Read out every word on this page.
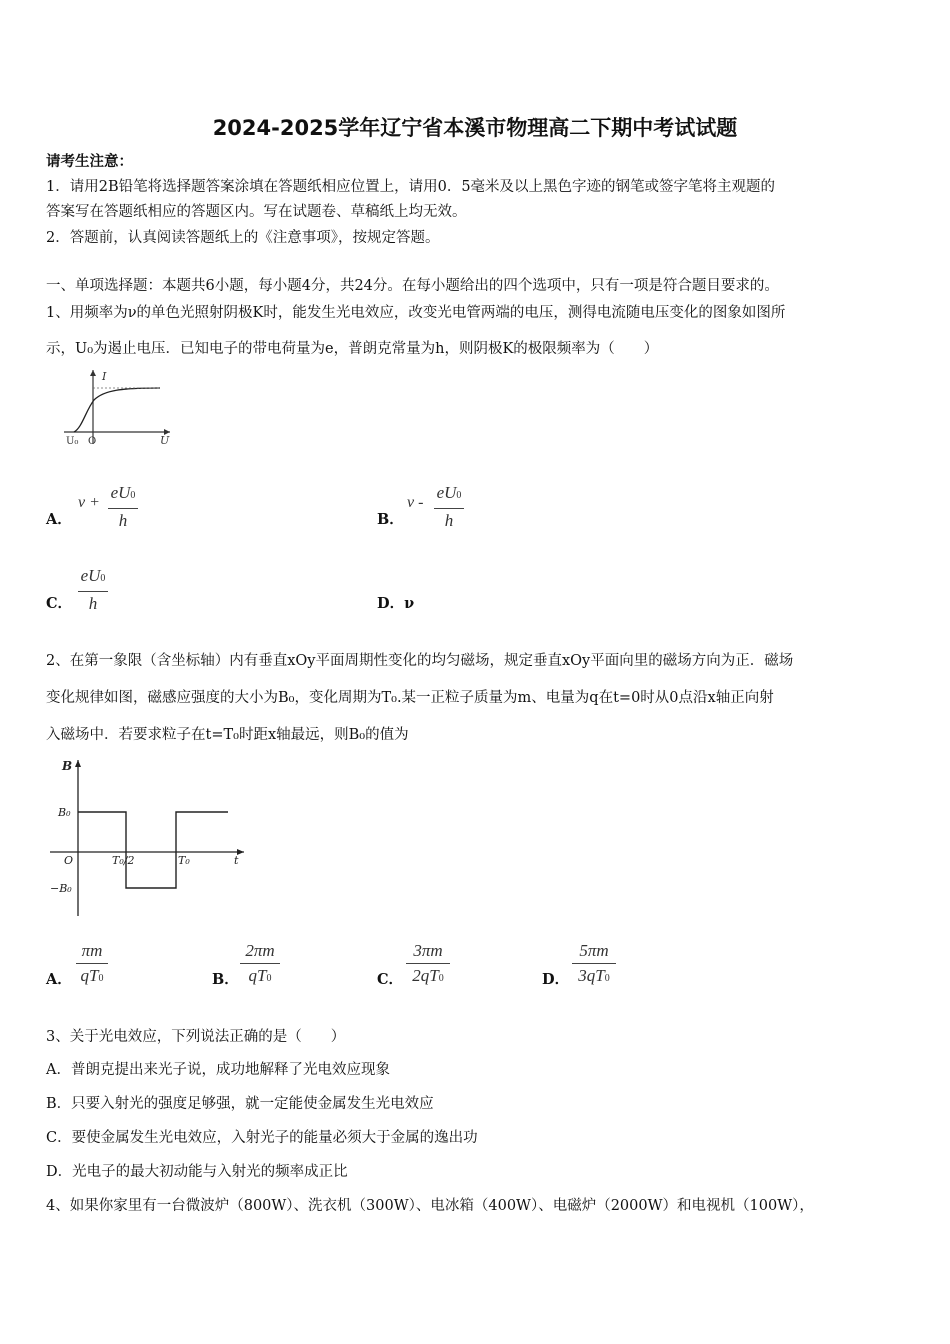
2024-2025学年辽宁省本溪市物理高二下期中考试试题
请考生注意：
1．请用2B铅笔将选择题答案涂填在答题纸相应位置上，请用0．5毫米及以上黑色字迹的钢笔或签字笔将主观题的
答案写在答题纸相应的答题区内。写在试题卷、草稿纸上均无效。
2．答题前，认真阅读答题纸上的《注意事项》，按规定答题。
一、单项选择题：本题共6小题，每小题4分，共24分。在每小题给出的四个选项中，只有一项是符合题目要求的。
1、用频率为ν的单色光照射阴极K时，能发生光电效应，改变光电管两端的电压，测得电流随电压变化的图象如图所
示，U₀为遏止电压．已知电子的带电荷量为e，普朗克常量为h，则阴极K的极限频率为（　　）
I
U
O
U₀
A．
ν +
eU0
h	B．
ν -
eU0
h
C．
eU0
h	D．ν
2、在第一象限（含坐标轴）内有垂直xOy平面周期性变化的均匀磁场，规定垂直xOy平面向里的磁场方向为正．磁场
变化规律如图，磁感应强度的大小为B₀，变化周期为T₀.某一正粒子质量为m、电量为q在t=0时从0点沿x轴正向射
入磁场中．若要求粒子在t=T₀时距x轴最远，则B₀的值为
B
B₀
−B₀
O	T₀/2	T₀	t
A．
πm
qT0	B．
2πm
qT0	C．
3πm
2qT0	D．
5πm
3qT0
3、关于光电效应，下列说法正确的是（　　）
A．普朗克提出来光子说，成功地解释了光电效应现象
B．只要入射光的强度足够强，就一定能使金属发生光电效应
C．要使金属发生光电效应，入射光子的能量必须大于金属的逸出功
D．光电子的最大初动能与入射光的频率成正比
4、如果你家里有一台微波炉（800W）、洗衣机（300W）、电冰箱（400W）、电磁炉（2000W）和电视机（100W），
